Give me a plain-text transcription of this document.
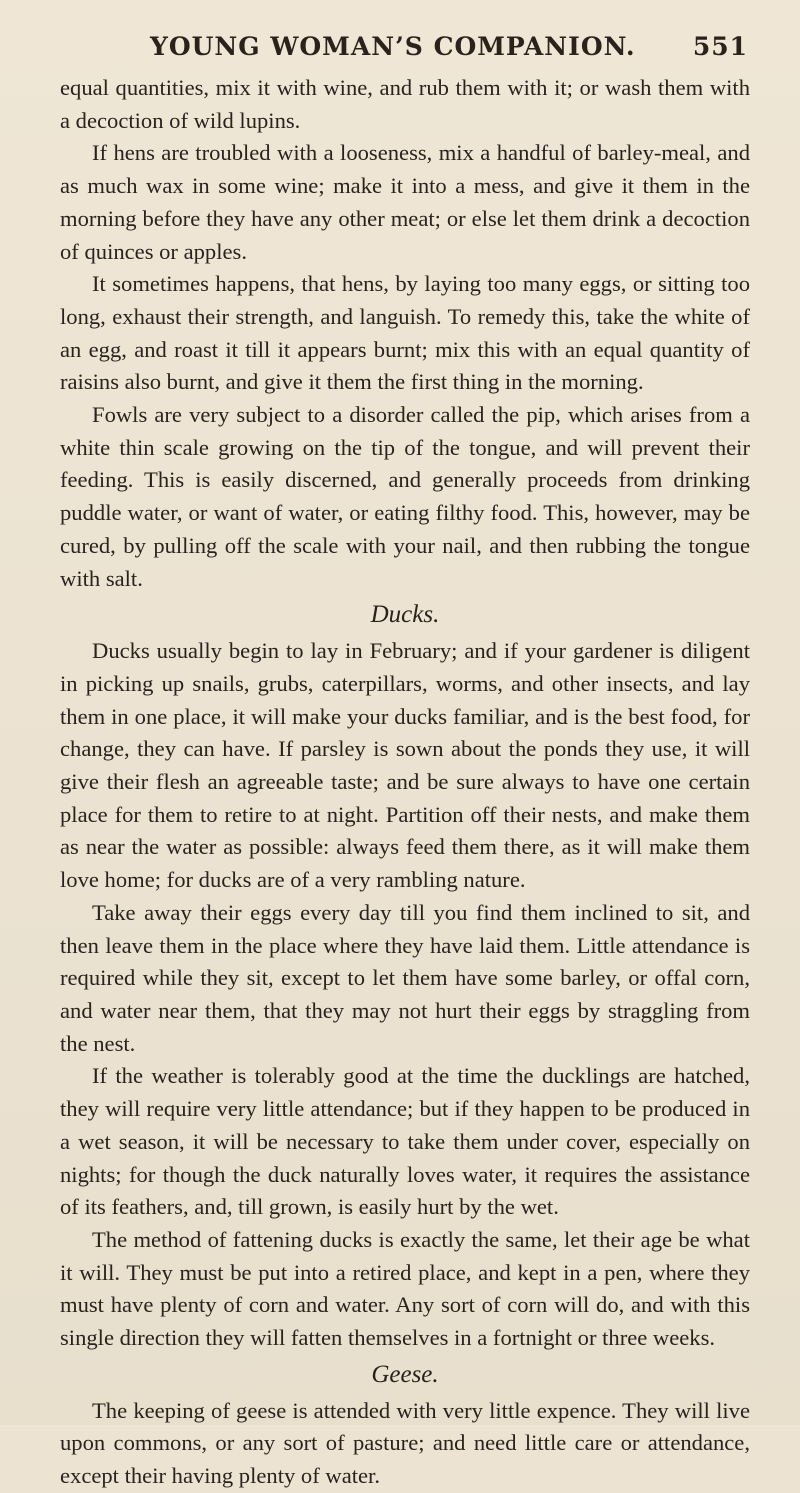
YOUNG WOMAN’S COMPANION. 551

equal quantities, mix it with wine, and rub them with it; or wash them with a decoction of wild lupins.

If hens are troubled with a looseness, mix a handful of barley-meal, and as much wax in some wine; make it into a mess, and give it them in the morning before they have any other meat; or else let them drink a decoction of quinces or apples.

It sometimes happens, that hens, by laying too many eggs, or sitting too long, exhaust their strength, and languish. To remedy this, take the white of an egg, and roast it till it appears burnt; mix this with an equal quantity of raisins also burnt, and give it them the first thing in the morning.

Fowls are very subject to a disorder called the pip, which arises from a white thin scale growing on the tip of the tongue, and will prevent their feeding. This is easily discerned, and generally proceeds from drinking puddle water, or want of water, or eating filthy food. This, however, may be cured, by pulling off the scale with your nail, and then rubbing the tongue with salt.

Ducks.

Ducks usually begin to lay in February; and if your gardener is diligent in picking up snails, grubs, caterpillars, worms, and other insects, and lay them in one place, it will make your ducks familiar, and is the best food, for change, they can have. If parsley is sown about the ponds they use, it will give their flesh an agreeable taste; and be sure always to have one certain place for them to retire to at night. Partition off their nests, and make them as near the water as possible: always feed them there, as it will make them love home; for ducks are of a very rambling nature.

Take away their eggs every day till you find them inclined to sit, and then leave them in the place where they have laid them. Little attendance is required while they sit, except to let them have some barley, or offal corn, and water near them, that they may not hurt their eggs by straggling from the nest.

If the weather is tolerably good at the time the ducklings are hatched, they will require very little attendance; but if they happen to be produced in a wet season, it will be necessary to take them under cover, especially on nights; for though the duck naturally loves water, it requires the assistance of its feathers, and, till grown, is easily hurt by the wet.

The method of fattening ducks is exactly the same, let their age be what it will. They must be put into a retired place, and kept in a pen, where they must have plenty of corn and water. Any sort of corn will do, and with this single direction they will fatten themselves in a fortnight or three weeks.

Geese.

The keeping of geese is attended with very little expence. They will live upon commons, or any sort of pasture; and need little care or attendance, except their having plenty of water.
